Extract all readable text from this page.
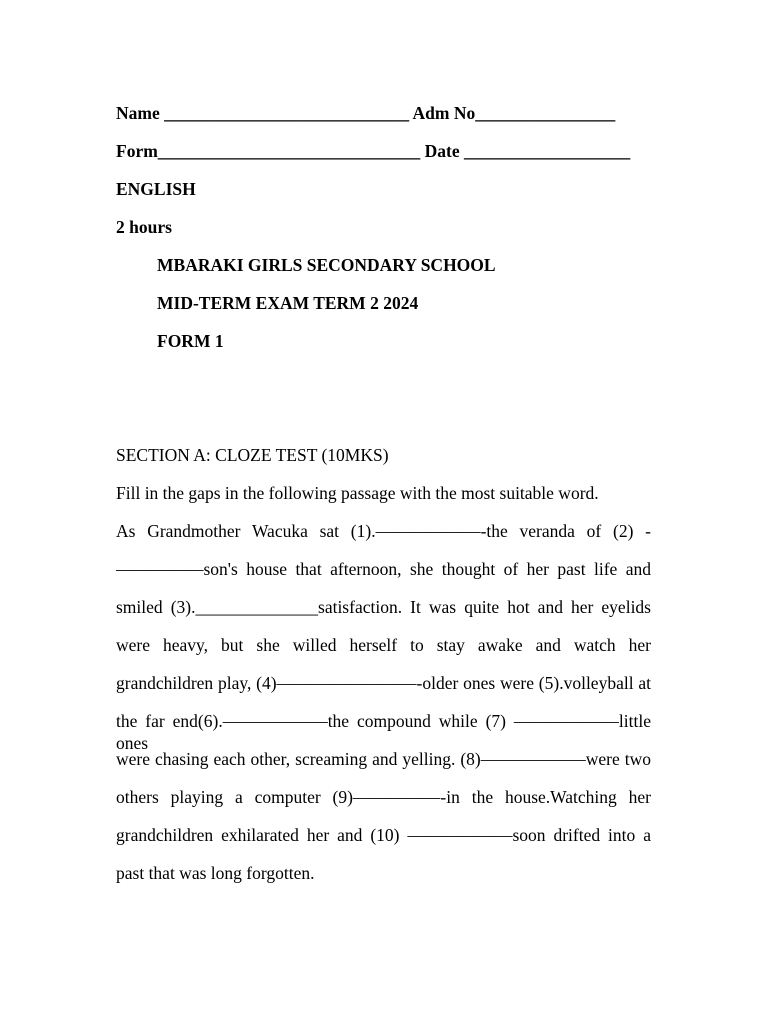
Name ____________________________ Adm No________________
Form______________________________ Date ___________________
ENGLISH
2 hours
MBARAKI GIRLS SECONDARY SCHOOL
MID-TERM EXAM TERM 2 2024
FORM 1
SECTION A: CLOZE TEST (10MKS)
Fill in the gaps in the following passage with the most suitable word.
As Grandmother Wacuka sat (1).——————-the veranda of (2) -
—————son's house that afternoon, she thought of her past life and
smiled (3).______________satisfaction. It was quite hot and her eyelids
were heavy, but she willed herself to stay awake and watch her
grandchildren play, (4)————————-older ones were (5).volleyball at
the far end(6).——————the compound while (7) ——————little ones
were chasing each other, screaming and yelling. (8)——————were two
others playing a computer (9)—————-in the house.Watching her
grandchildren exhilarated her and (10) ——————soon drifted into a
past that was long forgotten.
